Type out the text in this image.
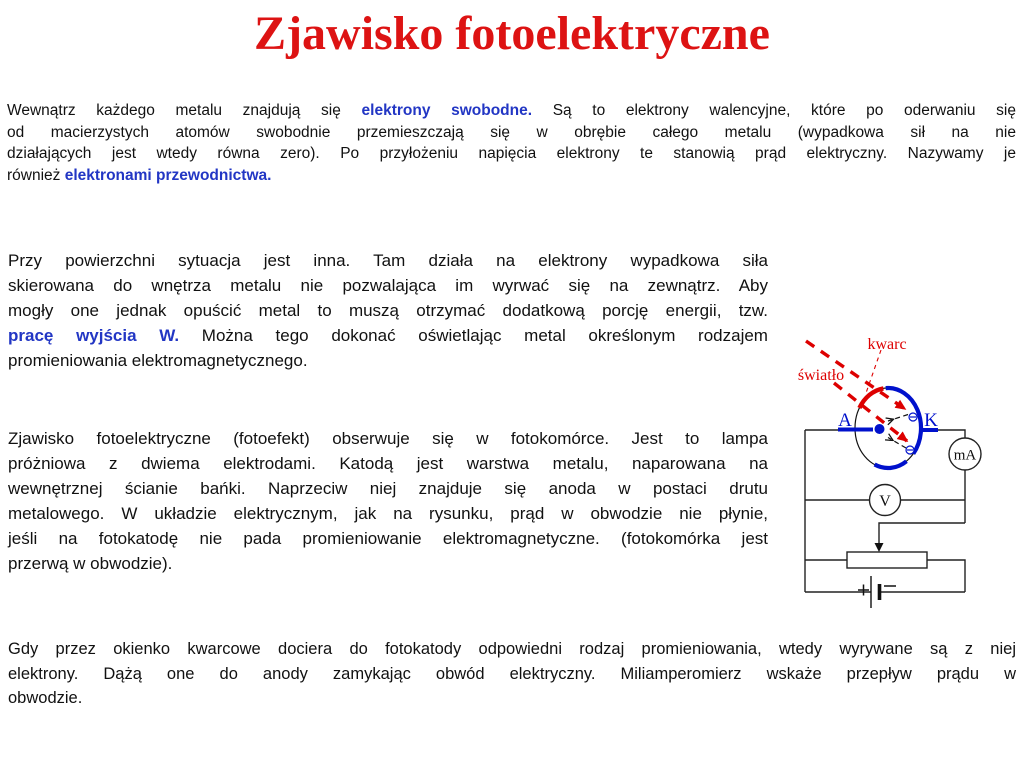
Zjawisko fotoelektryczne
Wewnątrz każdego metalu znajdują się elektrony swobodne. Są to elektrony walencyjne, które po oderwaniu się
od macierzystych atomów swobodnie przemieszczają się w obrębie całego metalu (wypadkowa sił na nie
działających jest wtedy równa zero). Po przyłożeniu napięcia elektrony te stanowią prąd elektryczny. Nazywamy je
również elektronami przewodnictwa.
Przy powierzchni sytuacja jest inna. Tam działa na elektrony wypadkowa siła
skierowana do wnętrza metalu nie pozwalająca im wyrwać się na zewnątrz. Aby
mogły one jednak opuścić metal to muszą otrzymać dodatkową porcję energii, tzw.
pracę wyjścia W. Można tego dokonać oświetlając metal określonym rodzajem
promieniowania elektromagnetycznego.
Zjawisko fotoelektryczne (fotoefekt) obserwuje się w fotokomórce. Jest to lampa
próżniowa z dwiema elektrodami. Katodą jest warstwa metalu, naparowana na
wewnętrznej ścianie bańki. Naprzeciw niej znajduje się anoda w postaci drutu
metalowego. W układzie elektrycznym, jak na rysunku, prąd w obwodzie nie płynie,
jeśli na fotokatodę nie pada promieniowanie elektromagnetyczne. (fotokomórka jest
przerwą w obwodzie).
Gdy przez okienko kwarcowe dociera do fotokatody odpowiedni rodzaj promieniowania, wtedy wyrywane są z niej
elektrony. Dążą one do anody zamykając obwód elektryczny. Miliamperomierz wskaże przepływ prądu w
obwodzie.
mA
V
A	K
kwarc
światło
